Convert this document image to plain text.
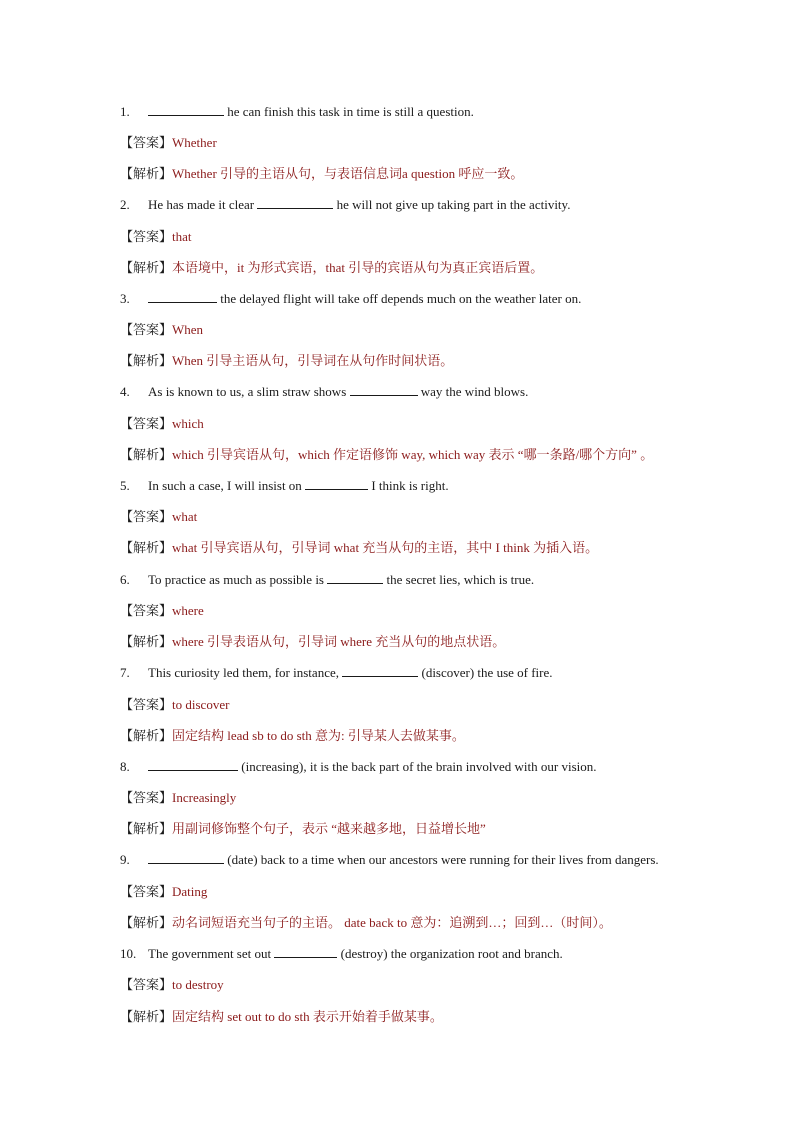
1.	he can finish this task in time is still a question.
【答案】Whether
【解析】Whether 引导的主语从句，与表语信息词a question 呼应一致。
2. He has made it clear	he will not give up taking part in the activity.
【答案】that
【解析】本语境中，it 为形式宾语，that 引导的宾语从句为真正宾语后置。
3.	the delayed flight will take off depends much on the weather later on.
【答案】When
【解析】When 引导主语从句，引导词在从句作时间状语。
4. As is known to us, a slim straw shows	way the wind blows.
【答案】which
【解析】which 引导宾语从句，which 作定语修饰 way, which way 表示 “哪一条路/哪个方向” 。
5. In such a case, I will insist on	I think is right.
【答案】what
【解析】what 引导宾语从句，引导词 what 充当从句的主语，其中 I think 为插入语。
6. To practice as much as possible is	the secret lies, which is true.
【答案】where
【解析】where 引导表语从句，引导词 where 充当从句的地点状语。
7. This curiosity led them, for instance,	(discover) the use of fire.
【答案】to discover
【解析】固定结构 lead sb to do sth 意为: 引导某人去做某事。
8.	(increasing), it is the back part of the brain involved with our vision.
【答案】Increasingly
【解析】用副词修饰整个句子，表示 “越来越多地，日益增长地”
9.	(date) back to a time when our ancestors were running for their lives from dangers.
【答案】Dating
【解析】动名词短语充当句子的主语。 date back to 意为：追溯到…；回到…（时间）。
10. The government set out	(destroy) the organization root and branch.
【答案】to destroy
【解析】固定结构 set out to do sth 表示开始着手做某事。
